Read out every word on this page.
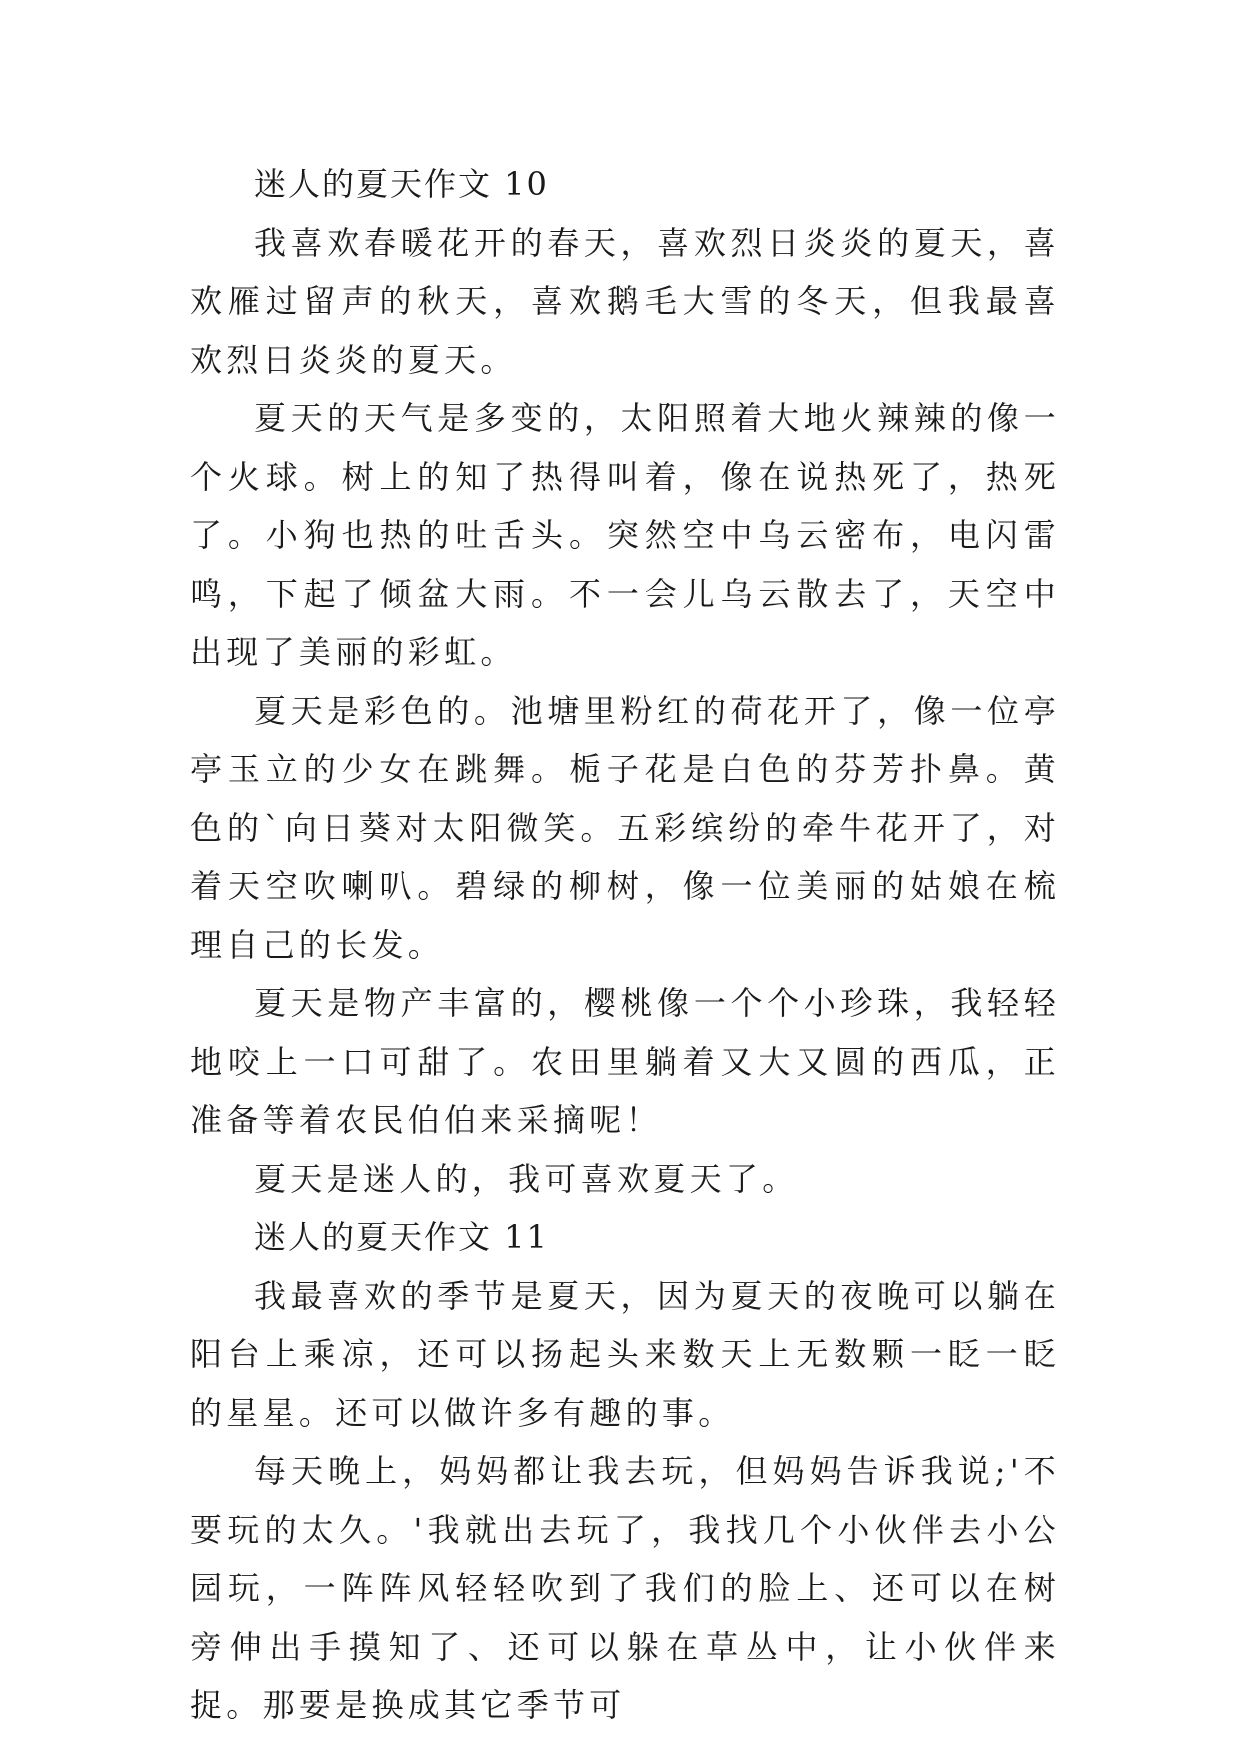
迷人的夏天作文 10

我喜欢春暖花开的春天，喜欢烈日炎炎的夏天，喜欢雁过留声的秋天，喜欢鹅毛大雪的冬天，但我最喜欢烈日炎炎的夏天。

夏天的天气是多变的，太阳照着大地火辣辣的像一个火球。树上的知了热得叫着，像在说热死了，热死了。小狗也热的吐舌头。突然空中乌云密布，电闪雷鸣，下起了倾盆大雨。不一会儿乌云散去了，天空中出现了美丽的彩虹。

夏天是彩色的。池塘里粉红的荷花开了，像一位亭亭玉立的少女在跳舞。栀子花是白色的芬芳扑鼻。黄色的`向日葵对太阳微笑。五彩缤纷的牵牛花开了，对着天空吹喇叭。碧绿的柳树，像一位美丽的姑娘在梳理自己的长发。

夏天是物产丰富的，樱桃像一个个小珍珠，我轻轻地咬上一口可甜了。农田里躺着又大又圆的西瓜，正准备等着农民伯伯来采摘呢！

夏天是迷人的，我可喜欢夏天了。

迷人的夏天作文 11

我最喜欢的季节是夏天，因为夏天的夜晚可以躺在阳台上乘凉，还可以扬起头来数天上无数颗一眨一眨的星星。还可以做许多有趣的事。

每天晚上，妈妈都让我去玩，但妈妈告诉我说;'不要玩的太久。'我就出去玩了，我找几个小伙伴去小公园玩，一阵阵风轻轻吹到了我们的脸上、还可以在树旁伸出手摸知了、还可以躲在草丛中，让小伙伴来捉。那要是换成其它季节可
